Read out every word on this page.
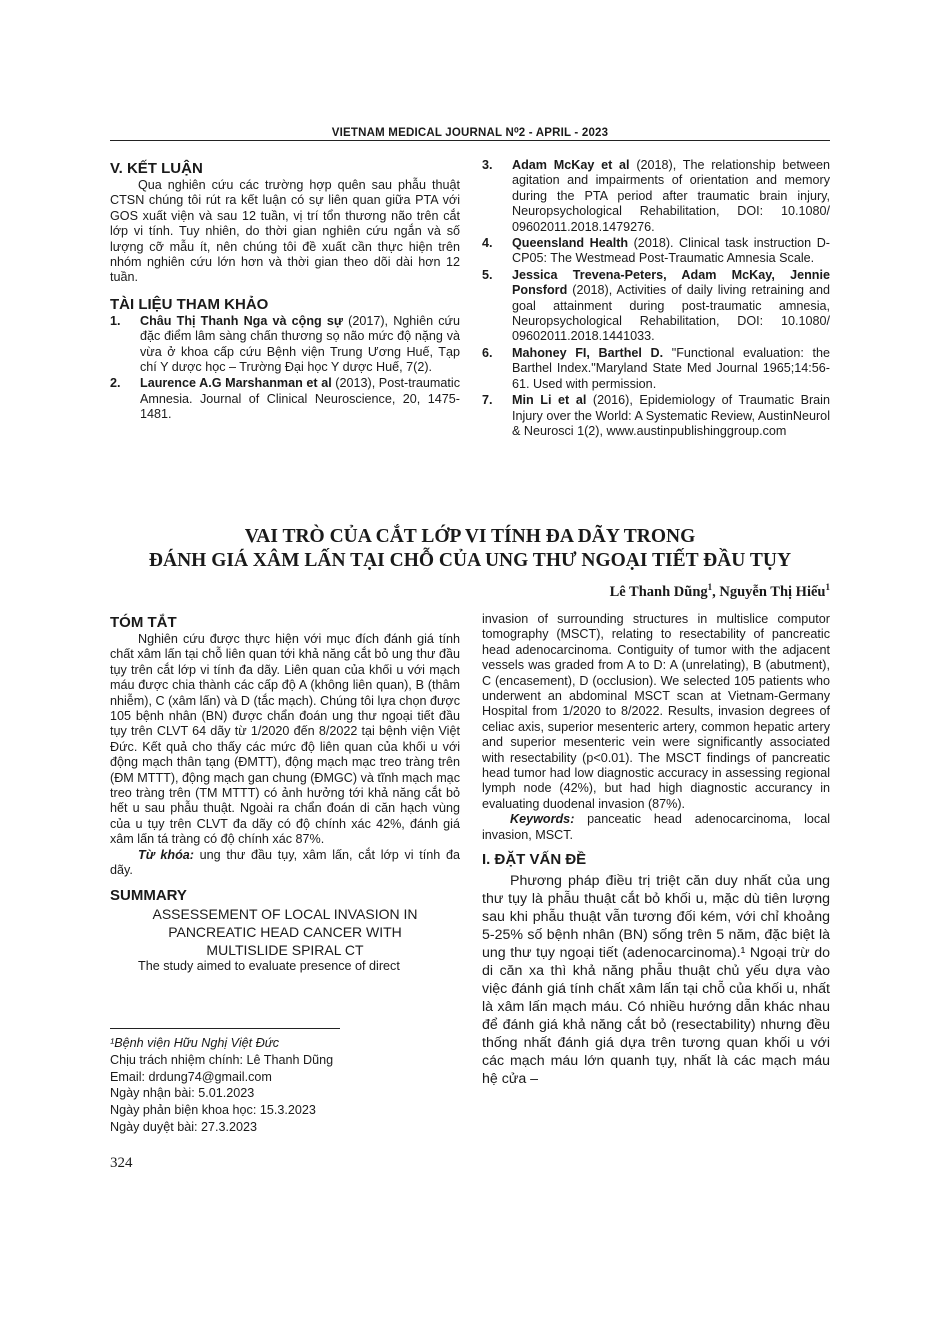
VIETNAM MEDICAL JOURNAL N⁰2 - APRIL - 2023
V. KẾT LUẬN

Qua nghiên cứu các trường hợp quên sau phẫu thuật CTSN chúng tôi rút ra kết luận có sự liên quan giữa PTA với GOS xuất viện và sau 12 tuần, vị trí tổn thương não trên cắt lớp vi tính. Tuy nhiên, do thời gian nghiên cứu ngắn và số lượng cỡ mẫu ít, nên chúng tôi đề xuất cần thực hiện trên nhóm nghiên cứu lớn hơn và thời gian theo dõi dài hơn 12 tuần.

TÀI LIỆU THAM KHẢO
1. Châu Thị Thanh Nga và cộng sự (2017), Nghiên cứu đặc điểm lâm sàng chấn thương sọ não mức độ nặng và vừa ở khoa cấp cứu Bệnh viện Trung Ương Huế, Tạp chí Y dược học – Trường Đại học Y dược Huế, 7(2).
2. Laurence A.G Marshanman et al (2013), Post-traumatic Amnesia. Journal of Clinical Neuroscience, 20, 1475-1481.
3. Adam McKay et al (2018), The relationship between agitation and impairments of orientation and memory during the PTA period after traumatic brain injury, Neuropsychological Rehabilitation, DOI: 10.1080/ 09602011.2018.1479276.
4. Queensland Health (2018). Clinical task instruction D-CP05: The Westmead Post-Traumatic Amnesia Scale.
5. Jessica Trevena-Peters, Adam McKay, Jennie Ponsford (2018), Activities of daily living retraining and goal attainment during post-traumatic amnesia, Neuropsychological Rehabilitation, DOI: 10.1080/ 09602011.2018.1441033.
6. Mahoney FI, Barthel D. "Functional evaluation: the Barthel Index."Maryland State Med Journal 1965;14:56-61. Used with permission.
7. Min Li et al (2016), Epidemiology of Traumatic Brain Injury over the World: A Systematic Review, AustinNeurol & Neurosci 1(2), www.austinpublishinggroup.com
VAI TRÒ CỦA CẮT LỚP VI TÍNH ĐA DÃY TRONG
ĐÁNH GIÁ XÂM LẤN TẠI CHỖ CỦA UNG THƯ NGOẠI TIẾT ĐẦU TỤY
Lê Thanh Dũng$^1$, Nguyễn Thị Hiếu$^1$
TÓM TẮT

Nghiên cứu được thực hiện với mục đích đánh giá tính chất xâm lấn tại chỗ liên quan tới khả năng cắt bỏ ung thư đầu tụy trên cắt lớp vi tính đa dãy. Liên quan của khối u với mạch máu được chia thành các cấp độ A (không liên quan), B (thâm nhiễm), C (xâm lấn) và D (tắc mạch). Chúng tôi lựa chọn được 105 bệnh nhân (BN) được chẩn đoán ung thư ngoại tiết đầu tụy trên CLVT 64 dãy từ 1/2020 đến 8/2022 tại bệnh viện Việt Đức. Kết quả cho thấy các mức độ liên quan của khối u với động mạch thân tạng (ĐMTT), động mạch mạc treo tràng trên (ĐM MTTT), động mạch gan chung (ĐMGC) và tĩnh mạch mạc treo tràng trên (TM MTTT) có ảnh hưởng tới khả năng cắt bỏ hết u sau phẫu thuật. Ngoài ra chẩn đoán di căn hạch vùng của u tụy trên CLVT đa dãy có độ chính xác 42%, đánh giá xâm lấn tá tràng có độ chính xác 87%.

Từ khóa: ung thư đầu tụy, xâm lấn, cắt lớp vi tính đa dãy.

SUMMARY
ASSESSEMENT OF LOCAL INVASION IN
PANCREATIC HEAD CANCER WITH
MULTISLIDE SPIRAL CT

The study aimed to evaluate presence of direct

invasion of surrounding structures in multislice computor tomography (MSCT), relating to resectability of pancreatic head adenocarcinoma. Contiguity of tumor with the adjacent vessels was graded from A to D: A (unrelating), B (abutment), C (encasement), D (occlusion). We selected 105 patients who underwent an abdominal MSCT scan at Vietnam-Germany Hospital from 1/2020 to 8/2022. Results, invasion degrees of celiac axis, superior mesenteric artery, common hepatic artery and superior mesenteric vein were significantly associated with resectability (p<0.01). The MSCT findings of pancreatic head tumor had low diagnostic accuracy in assessing regional lymph node (42%), but had high diagnostic accurancy in evaluating duodenal invasion (87%).

Keywords: panceatic head adenocarcinoma, local invasion, MSCT.

I. ĐẶT VẤN ĐỀ

Phương pháp điều trị triệt căn duy nhất của ung thư tụy là phẫu thuật cắt bỏ khối u, mặc dù tiên lượng sau khi phẫu thuật vẫn tương đối kém, với chỉ khoảng 5-25% số bệnh nhân (BN) sống trên 5 năm, đặc biệt là ung thư tụy ngoại tiết (adenocarcinoma).¹ Ngoại trừ do di căn xa thì khả năng phẫu thuật chủ yếu dựa vào việc đánh giá tính chất xâm lấn tại chỗ của khối u, nhất là xâm lấn mạch máu. Có nhiều hướng dẫn khác nhau để đánh giá khả năng cắt bỏ (resectability) nhưng đều thống nhất đánh giá dựa trên tương quan khối u với các mạch máu lớn quanh tụy, nhất là các mạch máu hệ cửa –

¹Bệnh viện Hữu Nghị Việt Đức

Chịu trách nhiệm chính: Lê Thanh Dũng

Email: drdung74@gmail.com

Ngày nhận bài: 5.01.2023

Ngày phản biện khoa học: 15.3.2023

Ngày duyệt bài: 27.3.2023

324
